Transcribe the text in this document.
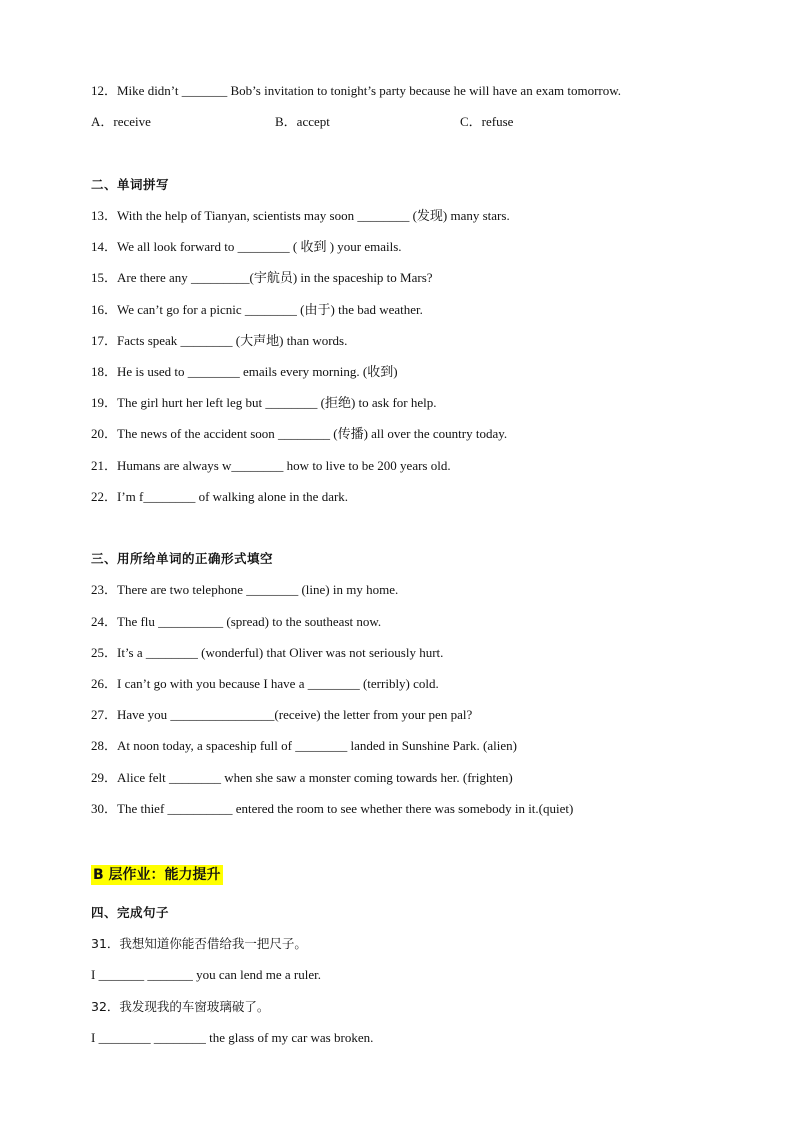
12．Mike didn’t _______ Bob’s invitation to tonight’s party because he will have an exam tomorrow.
A．receive	B．accept	C．refuse
二、单词拼写
13．With the help of Tianyan, scientists may soon ________ (发现) many stars.
14．We all look forward to ________ ( 收到 ) your emails.
15．Are there any _________(宇航员) in the spaceship to Mars?
16．We can’t go for a picnic ________ (由于) the bad weather.
17．Facts speak ________ (大声地) than words.
18．He is used to ________ emails every morning. (收到)
19．The girl hurt her left leg but ________ (拒绝) to ask for help.
20．The news of the accident soon ________ (传播) all over the country today.
21．Humans are always w________ how to live to be 200 years old.
22．I’m f________ of walking alone in the dark.
三、用所给单词的正确形式填空
23．There are two telephone ________ (line) in my home.
24．The flu __________ (spread) to the southeast now.
25．It’s a ________ (wonderful) that Oliver was not seriously hurt.
26．I can’t go with you because I have a ________ (terribly) cold.
27．Have you ________________(receive) the letter from your pen pal?
28．At noon today, a spaceship full of ________ landed in Sunshine Park. (alien)
29．Alice felt ________ when she saw a monster coming towards her. (frighten)
30．The thief __________ entered the room to see whether there was somebody in it.(quiet)
B 层作业：能力提升
四、完成句子
31．我想知道你能否借给我一把尺子。
I _______ _______ you can lend me a ruler.
32．我发现我的车窗玻璃破了。
I ________ ________ the glass of my car was broken.
